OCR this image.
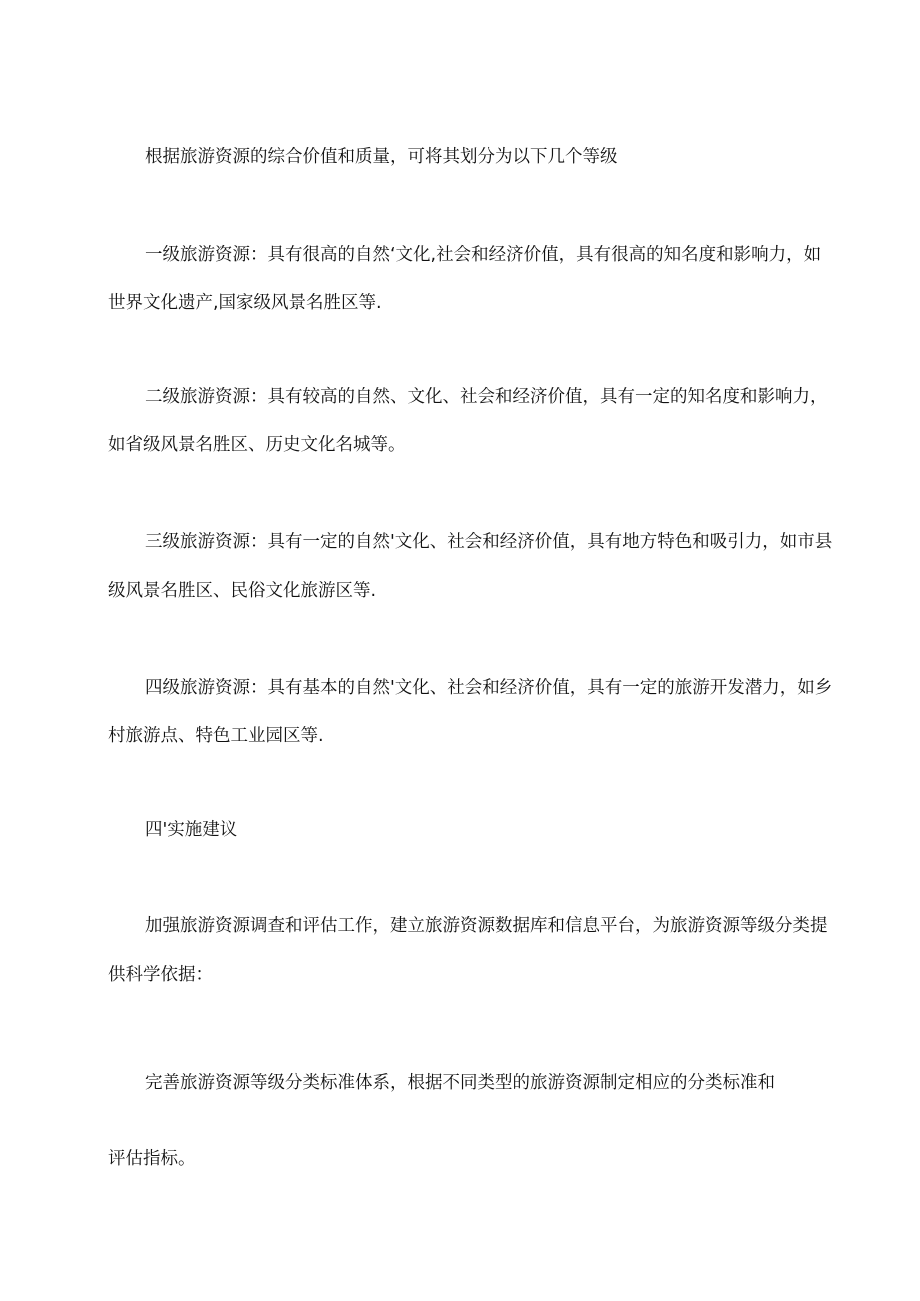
根据旅游资源的综合价值和质量，可将其划分为以下几个等级
一级旅游资源：具有很高的自然‘文化,社会和经济价值，具有很高的知名度和影响力，如
世界文化遗产,国家级风景名胜区等.
二级旅游资源：具有较高的自然、文化、社会和经济价值，具有一定的知名度和影响力，
如省级风景名胜区、历史文化名城等。
三级旅游资源：具有一定的自然'文化、社会和经济价值，具有地方特色和吸引力，如市县
级风景名胜区、民俗文化旅游区等.
四级旅游资源：具有基本的自然'文化、社会和经济价值，具有一定的旅游开发潜力，如乡
村旅游点、特色工业园区等.
四'实施建议
加强旅游资源调查和评估工作，建立旅游资源数据库和信息平台，为旅游资源等级分类提
供科学依据：
完善旅游资源等级分类标准体系，根据不同类型的旅游资源制定相应的分类标准和
评估指标。
